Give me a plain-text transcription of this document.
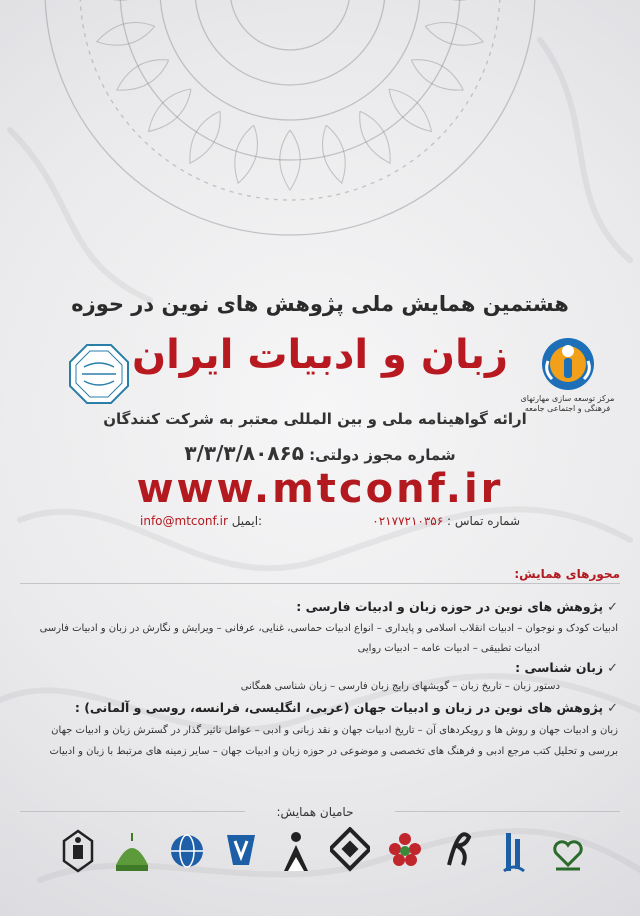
مرکز توسعه سازی مهارتهای
فرهنگی و اجتماعی جامعه
هشتمین همایش ملی پژوهش های نوین در حوزه
زبان و ادبیات ایران
ارائه گواهینامه ملی و بین المللی معتبر به شرکت کنندگان
شماره مجوز دولتی: ۳/۳/۳/۸۰۸۶۵
www.mtconf.ir
info@mtconf.ir ایمیل:	شماره تماس : ۰۲۱۷۷۲۱۰۳۵۶
محورهای همایش:
✓پژوهش های نوین در حوزه زبان و ادبیات فارسی :
ادبیات کودک و نوجوان – ادبیات انقلاب اسلامی و پایداری – انواع ادبیات حماسی، غنایی، عرفانی – ویرایش و نگارش در زبان و ادبیات فارسی
ادبیات تطبیقی – ادبیات عامه – ادبیات روایی
✓زبان شناسی :
دستور زبان – تاریخ زبان – گویشهای رایج زبان فارسی – زبان شناسی همگانی
✓پژوهش های نوین در زبان و ادبیات جهان (عربی، انگلیسی، فرانسه، روسی و آلمانی) :
زبان و ادبیات جهان و روش ها و رویکردهای آن – تاریخ ادبیات جهان و نقد زبانی و ادبی – عوامل تاثیر گذار در گسترش زبان و ادبیات جهان
بررسی و تحلیل کتب مرجع ادبی و فرهنگ های تخصصی و موضوعی در حوزه زبان و ادبیات جهان – سایر زمینه های مرتبط با زبان و ادبیات
حامیان همایش:
